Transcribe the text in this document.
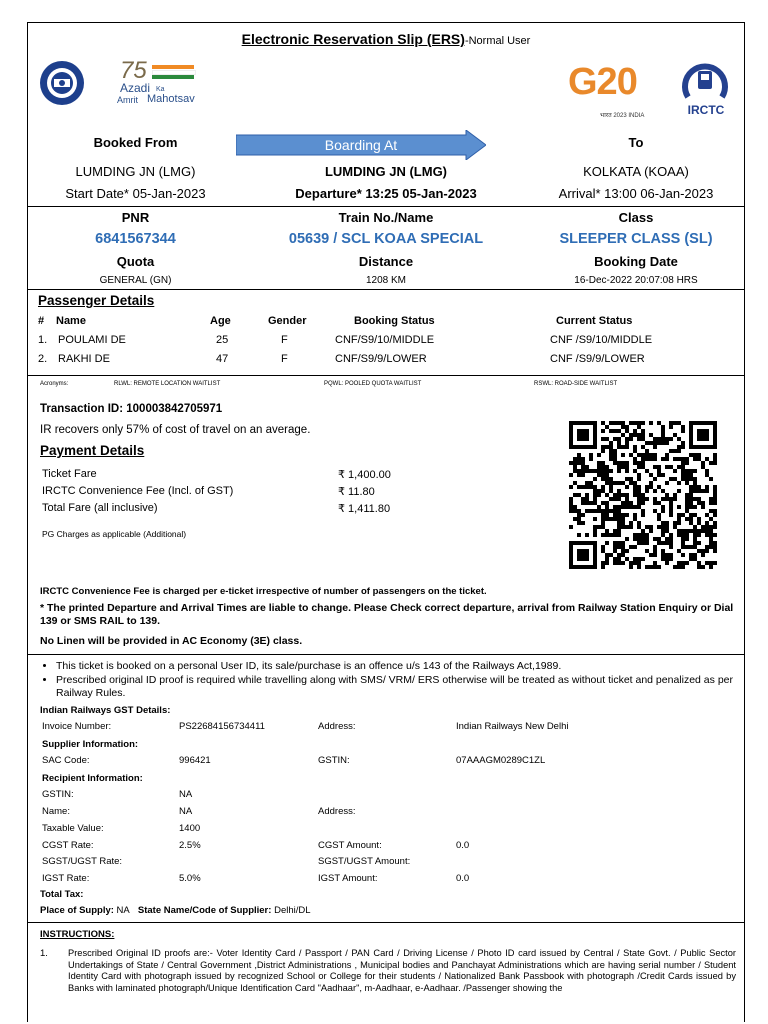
Electronic Reservation Slip (ERS)-Normal User
75
Azadi Ka
Amrit Mahotsav	G20
भारत 2023 INDIA	IRCTC
Booked From	Boarding At	To
LUMDING JN (LMG)	LUMDING JN (LMG)	KOLKATA (KOAA)
Start Date* 05-Jan-2023	Departure* 13:25 05-Jan-2023	Arrival* 13:00 06-Jan-2023
PNR	Train No./Name	Class
6841567344	05639 / SCL KOAA SPECIAL	SLEEPER CLASS (SL)
Quota	Distance	Booking Date
GENERAL (GN)	1208 KM	16-Dec-2022 20:07:08 HRS
Passenger Details
# Name	Age	Gender	Booking Status	Current Status
1. POULAMI DE	25	F	CNF/S9/10/MIDDLE	CNF /S9/10/MIDDLE
2. RAKHI DE	47	F	CNF/S9/9/LOWER	CNF /S9/9/LOWER
Acronyms:	RLWL: REMOTE LOCATION WAITLIST	PQWL: POOLED QUOTA WAITLIST	RSWL: ROAD-SIDE WAITLIST
Transaction ID: 100003842705971
IR recovers only 57% of cost of travel on an average.
Payment Details
Ticket Fare	₹ 1,400.00
IRCTC Convenience Fee (Incl. of GST)	₹ 11.80
Total Fare (all inclusive)	₹ 1,411.80
PG Charges as applicable (Additional)
IRCTC Convenience Fee is charged per e-ticket irrespective of number of passengers on the ticket.
* The printed Departure and Arrival Times are liable to change. Please Check correct departure, arrival from Railway Station Enquiry or Dial 139 or SMS RAIL to 139.
No Linen will be provided in AC Economy (3E) class.
• This ticket is booked on a personal User ID, its sale/purchase is an offence u/s 143 of the Railways Act,1989.
• Prescribed original ID proof is required while travelling along with SMS/ VRM/ ERS otherwise will be treated as without ticket and penalized as per Railway Rules.
Indian Railways GST Details:
Invoice Number:	PS22684156734411	Address:	Indian Railways New Delhi
Supplier Information:
SAC Code:	996421	GSTIN:	07AAAGM0289C1ZL
Recipient Information:
GSTIN:	NA
Name:	NA	Address:
Taxable Value:	1400
CGST Rate:	2.5%	CGST Amount:	0.0
SGST/UGST Rate:	SGST/UGST Amount:
IGST Rate:	5.0%	IGST Amount:	0.0
Total Tax:
Place of Supply: NA State Name/Code of Supplier: Delhi/DL
INSTRUCTIONS:
1. Prescribed Original ID proofs are:- Voter Identity Card / Passport / PAN Card / Driving License / Photo ID card issued by Central / State Govt. / Public Sector Undertakings of State / Central Government ,District Administrations , Municipal bodies and Panchayat Administrations which are having serial number / Student Identity Card with photograph issued by recognized School or College for their students / Nationalized Bank Passbook with photograph /Credit Cards issued by Banks with laminated photograph/Unique Identification Card "Aadhaar", m-Aadhaar, e-Aadhaar. /Passenger showing the
